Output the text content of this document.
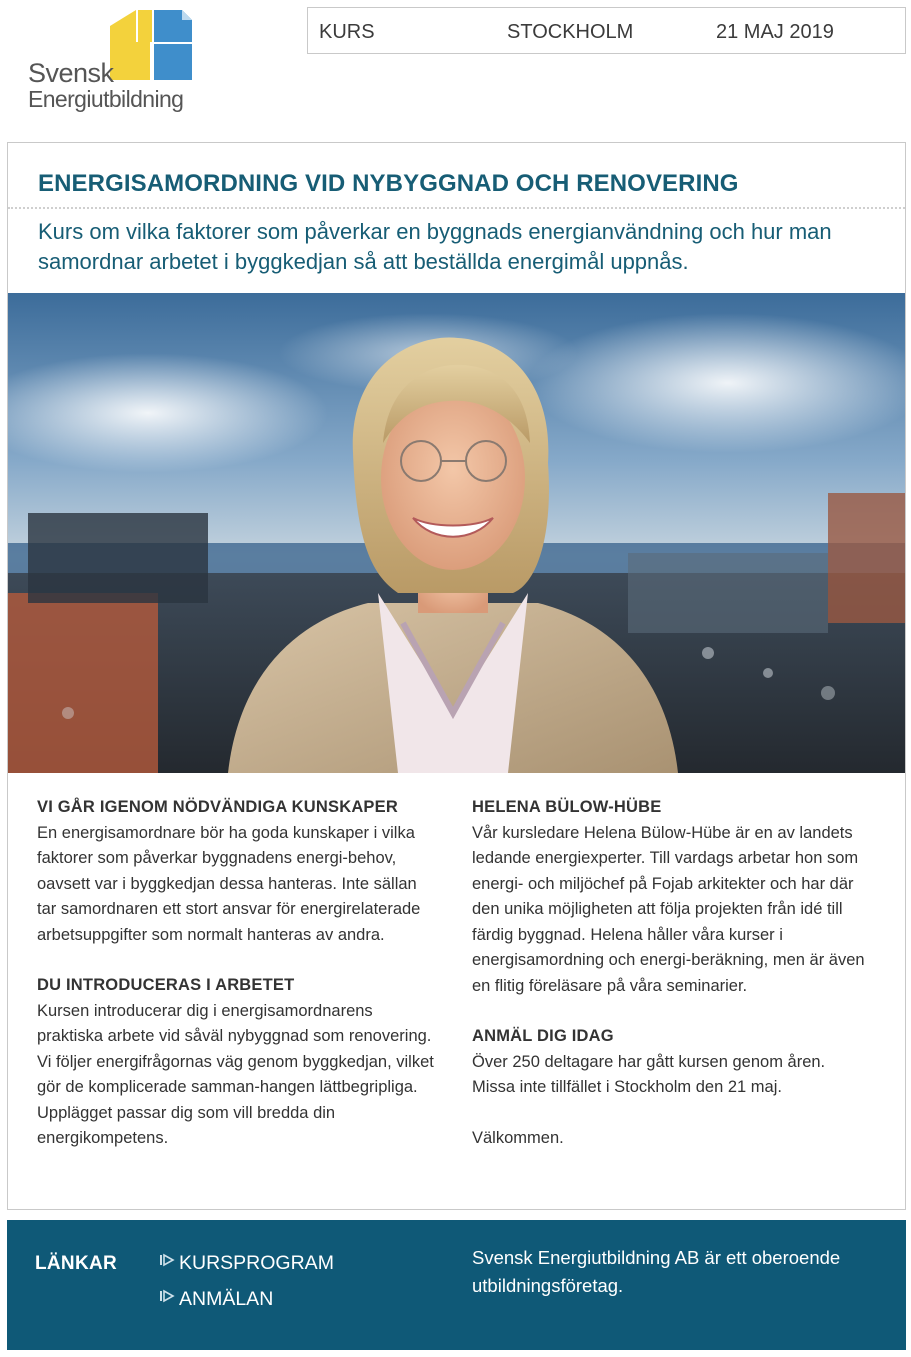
Svensk
Energiutbildning
KURS	STOCKHOLM	21 MAJ 2019
ENERGISAMORDNING VID NYBYGGNAD OCH RENOVERING
Kurs om vilka faktorer som påverkar en byggnads energianvändning och hur man samordnar arbetet i byggkedjan så att beställda energimål uppnås.
VI GÅR IGENOM NÖDVÄNDIGA KUNSKAPER

En energisamordnare bör ha goda kunskaper i vilka faktorer som påverkar byggnadens energi-behov, oavsett var i byggkedjan dessa hanteras. Inte sällan tar samordnaren ett stort ansvar för energirelaterade arbetsuppgifter som normalt hanteras av andra.

DU INTRODUCERAS I ARBETET

Kursen introducerar dig i energisamordnarens praktiska arbete vid såväl nybyggnad som renovering. Vi följer energifrågornas väg genom byggkedjan, vilket gör de komplicerade samman-hangen lättbegripliga. Upplägget passar dig som vill bredda din energikompetens.

HELENA BÜLOW-HÜBE

Vår kursledare Helena Bülow-Hübe är en av landets ledande energiexperter. Till vardags arbetar hon som energi- och miljöchef på Fojab arkitekter och har där den unika möjligheten att följa projekten från idé till färdig byggnad. Helena håller våra kurser i energisamordning och energi-beräkning, men är även en flitig föreläsare på våra seminarier.

ANMÄL DIG IDAG

Över 250 deltagare har gått kursen genom åren. Missa inte tillfället i Stockholm den 21 maj.

Välkommen.

LÄNKAR	KURSPROGRAM
ANMÄLAN
Svensk Energiutbildning AB är ett oberoende utbildningsföretag.
